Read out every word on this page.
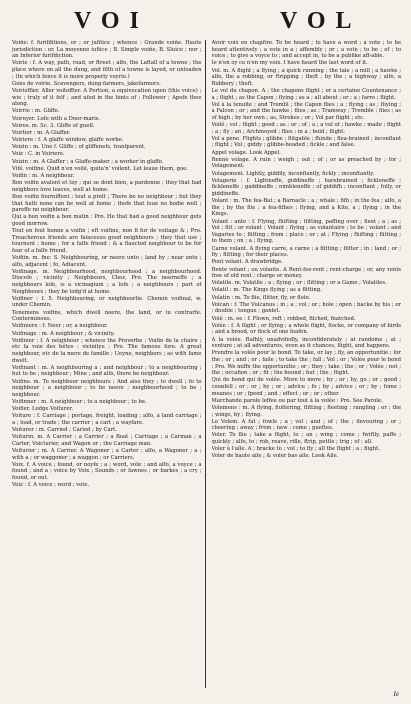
VOI	VOL

Voiñe: f. furifditions, or ; or jufitice ; whence : Grande voiñe. Haute jurisdiction : or, La moyenne iufiice ; B. Simple voiñe, B. Sluice ; nor ; an Inferior furifdiction.

Voirie : f. A way, path, road, or ftreet ; alfo, the Laftall of a towne ; the place where on all the dung, and filth of a towne is layed, or unloaden ; (In which fence it is more properly voyrie.)

Gens de voirie. Scavengers, dung-farmers, jakefarmers.

Voirioffier. Aller voitoffier. A Portion, a equivocation upon (this voice) ; wie ; truly of it felf ; and ufed in the hints of ; Follower ; Apofe thee along.

Voirrie : m. Gliffe.

Voiroyer. Lofe with a Door-maris.

Voiros. m. Sc. 3. Gliffe of guefl.

Voirtier : m. A Glaffer.

Voiriere : f. A glaffe window, glaffe worke.

Voizin : m. Une f. Gliffe ; of gliffenefs, tranfparent.

Voiz : C. in Voiriere.

Voizin : m. A Glaffer ; a Glaffe-maker ; a worker in glaffe.

Vifé. voifine. Quid n'en voilé, quita'n' voilent. Let leaue them, goe.

Voifin : m. A neighbour.

Bon voifin avalent et toy ; qui se dont bien, a pardonne ; they that had neighbors love leaves, well at home.

Bon voifin fourniffent ; tout a prelt ; There be no neighbour ; but they that hath none can be well at home ; thofe that loue no bodie well ; pareffe no neighbour.

Qui a bon voifin a bon matin : Pro. He that had a good neighbour gets good morrow.

Tout en fout bonne a voifin ; eft voifine, non fi fur de voitage & ; Pro. Treacherous friends are falaceous good neighbours ; they that use ; tournent ; home ; for a falfe friend ; & a flaucted neighbour to be for fear of a falfe friend.

Voifiin. m. fne: S. Neighbouring, or neere unto ; land by ; near unto ; alfo, adjacent ; fo, Adiacent.

Voifinage. m. Neighbourhood, neighbourhood ; a neighbourhood. Diocefe ; vicinity ; Neighbours, Chez, Pro. The neerneffe ; a neighbours lofe, is a vicinagium ; a lofe ; a neighbours ; part of Neighbours ; they be lodg'd at home.

Voifiner : f. 5. Neighbouring, or neighbourlie. Chemin voifinal, w. under Chemin.

Tenemens voifins, which dwell neere, the land, or iu contrarfe. Conterminous.

Voifiniere : f. Neer ; or, a neighbour.

Voifinage : m. A neighbour ; & vicinity.

Voifinier : f. A neighbour ; whence the Proverbe ; Voifin de la chaire ; etc la voie des bêtes : vicinitye : Pro. The famous fore. A great neighbour, etc de la mere de famille ; Ueyne, neighbors ; as with fame dwelt.

Voifinant : m. A neighbouring a ; and neighbour ; to a neighbouring ; but to be ; neighbour ; Mine ; and alfo, there be neighbour.

Voifins. m. To neighbour neighbours ; And also they ; to dwell ; fo to neighbour ; a neighbour ; to be neere ; neighbourhood ; to be ; neighbour.

Voifinner : m. A neighbour ; to a neighbour ; to be.

Voifier. Lodge Voiturer.

Voiture : f. Carriage ; portage, freight, loading ; alfo, a land carriage ; a ; load, or trade ; the carrier ; a cart ; a wayfare.

Voiturer : m. Carried ; Caried ; by Cart.

Voiturin. m. A Carrier ; a Carrier ; a Boat ; Carriage ; a Carman ; a Carter, Voicturier, and Wagon or ; the Carriage man.

Voiturier ; m. A Carrier. A Wagoner ; a Carter ; alfo, a Wagoner ; a ; with a ; or waggoner ; a waggon ; or Carriers.

Voix. f. A voice ; found, or noyfe ; a ; word, vote ; and alfo, a voyce ; a found ; and a ; voice by Voix ; Sounds ; or fawnes ; or barkes ; a cry ; found, or out.

Voiz : f. A voice ; word ; vote.

Avoir voix en chapitre. To be heard ; to have a word ; a vote ; to be heard attentively ; a vote in a ; affembly ; or ; a vote ; to be ; of ; to voice ; to give a voyce to ; and accept in, to be a publike aff-able.

Ie n'en oy ce n'en my voix. I have heard the last word of it.

Vol. m. A flight ; a flying ; a quick running ; the tale ; a mill ; a hawke ; alfo, the a robbing, or ftripping ; theft ; by the ; a highway ; alfo, a Robbery ; theft.

Le vol du chapon. A ; the chapons flight ; or a certaine Countenance ; a ; flight ; as the Capon ; flying ; as a ; all about ; or ; a ; farre ; flight.

Vol à la tenuïte ; and Trembl ; the Capon flies ; a ; flying ; as ; fliying ; a Falcon ; or ; and the hawke ; flies ; as ; Tramway ; Tremble ; flies ; as of high ; by her own ; as, Strokes ; or ; Vol par flight ; etc.

Voilé ; vol ; flight ; good ; as ; or ; of ; a ; a vol of ; hawke ; made ; flight ; a ; fly ; an ; Archmoyed ; flies ; in a ; bold ; flight.

Vol a pene. Flights ; glibbe ; flitgable ; fhinde ; flea-brained ; inconflant ; flight ; Vol ; giddy ; glibbe-headed ; fickle ; and false.

Appel volage. Look Appel.

Renne volage. A ruin ; weigh ; out ; of ; or as preached by ; for ; Volagement.

Volagement. Lightly, giddily, inconflantly, fickly ; inconftantly.

Volagerie : f. Lightneffe, giddineffe ; harebrained ; fickleneffe ; fickleneffe ; gaddineffe ; nimbleneffe ; of giddifh ; inconftant ; folly, or giddineffe.

Volant : m. The fea-Bat ; a Barnacle ; a ; whale ; fifh ; in the fea ; alfo, a flie ; by the flie ; a fea-fifhes ; flying, and a Kite, a ; flying ; in the Kings.

Volant : ante : f. Flying, fhifting ; flitting, paffing over ; fleet ; a ; as ; Vol ; flit ; or volant ; Volant ; flying ; as volantaire ; to be ; volant ; and Vagaries to ; flitting ; from ; place ; or ; at ; Flying ; fhifting ; flitting ; to them ; on ; a ; flying.

Carne volant. A flying carre, a carne ; a flitting ; flitter ; in ; land ; or ; fly ; flitting ; for their places.

Pont volant. A drawbridge.

Rente volant ; ou volante. A Rent-fee-rent ; rent-charge ; or, any rents free of old rent ; charge or money.

Volatile. m. Volatile ; a ; flying ; or ; flitting ; or a Game ; Volatiles.

Volatil : m. The Kings flying ; as a flitting.

Volatin : m. To flie, flitter, fly, or flote.

Volcan : f. The Vulcanus ; in ; a ; vol ; or ; hole ; open ; backe by his ; or ; double ; tongue ; ganlet.

Volé : m. ee : f. Flown, reft ; robbed, filched, fnatched.

Volée : f. A flight ; or flying ; a whole flight, flocke, or company of birds ; and a brood, or flock of one feafon.

A la volée. Rafhly, unadvifedly, inconfiderately ; at randome ; at ; venture ; at all adventures, even as it chances, flight, and happens.

Prendre la volée pour le bond. To take, or lay ; fly, an opportunitie ; for the ; or ; and ; or ; faile ; to take the ; fall ; Vol ; or ; Volée pour le bond ; Pro. We miffe the opportunitie ; or ; they ; take ; the ; or ; Volée ; not ; the ; occafion ; or ; fit ; the bound ; but ; the ; flight.

Qui de bond qui de volée. More to more ; by ; or ; by, go ; or ; good ; counfell ; or ; or ; by ; or ; advice ; fo ; by ; advice ; or ; by ; fome ; meanes ; or ; fpeed ; and ; effect ; or ; or ; other.

Marchande parole leffee ou par tout à la volée : Pro. See Parole.

Volemens : m. A flying, fluttering, flitting ; fleeting ; rangling ; or ; the ; wings, by ; flying.

Le Volem. A fat ; fowle ; a ; vol ; and ; of ; the ; devouring ; or ; cheering ; away ; from ; new ; come ; gueftes.

Voler. To flie ; take a flight, to ; an ; wing ; come ; fwiftly, paffe ; quickly ; alfo, to ; rob, reave, rifle, ftrip, pettle ; trig ; of ; all.

Voler à l'aîle. A ; bracke to ; vol ; to fly ; all the flight ; a ; flight.

Voler de haute aile ; & voler bas aile. Look Aile.

Ie
